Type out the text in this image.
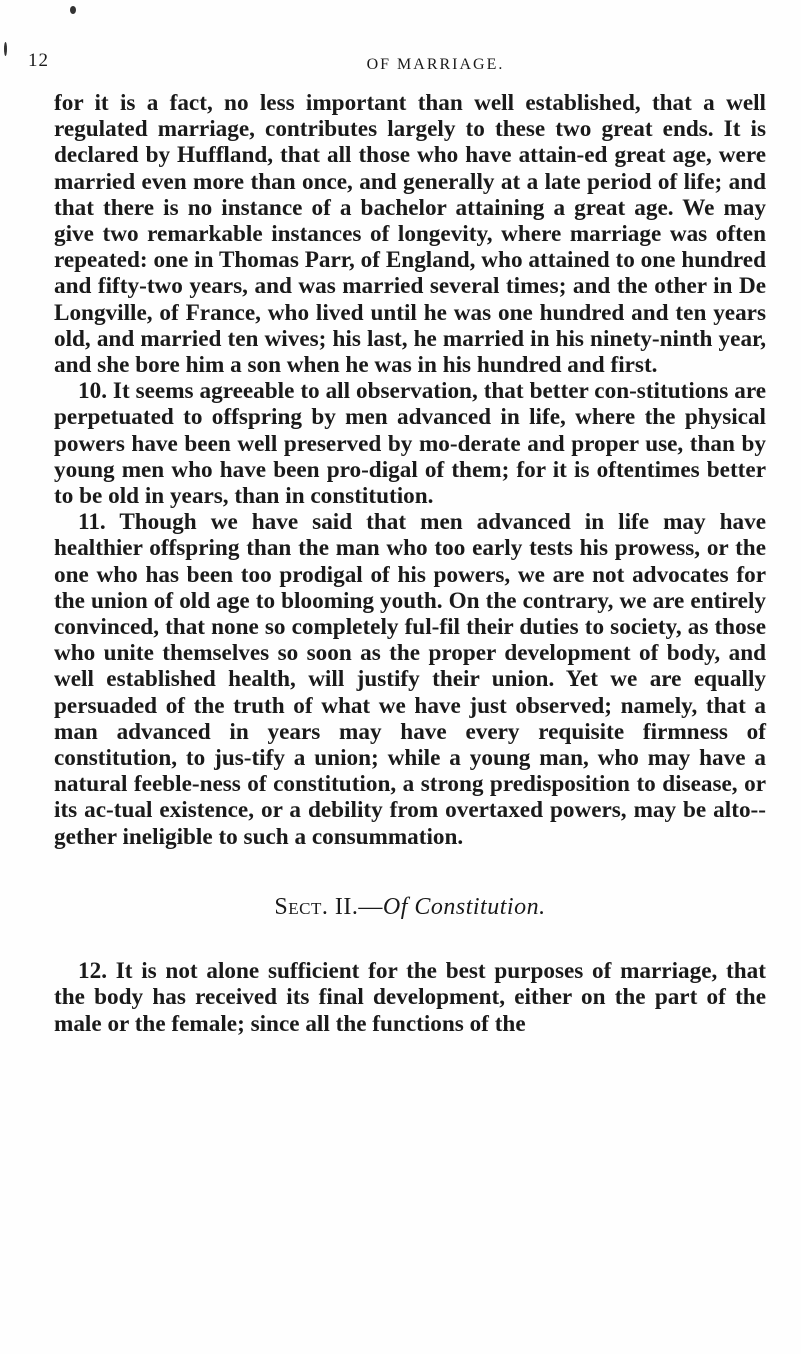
12	OF MARRIAGE.

for it is a fact, no less important than well established, that a well regulated marriage, contributes largely to these two great ends. It is declared by Huffland, that all those who have attain-ed great age, were married even more than once, and generally at a late period of life; and that there is no instance of a bachelor attaining a great age. We may give two remarkable instances of longevity, where marriage was often repeated: one in Thomas Parr, of England, who attained to one hundred and fifty-two years, and was married several times; and the other in De Longville, of France, who lived until he was one hundred and ten years old, and married ten wives; his last, he married in his ninety-ninth year, and she bore him a son when he was in his hundred and first.

10. It seems agreeable to all observation, that better con-stitutions are perpetuated to offspring by men advanced in life, where the physical powers have been well preserved by mo-derate and proper use, than by young men who have been pro-digal of them; for it is oftentimes better to be old in years, than in constitution.

11. Though we have said that men advanced in life may have healthier offspring than the man who too early tests his prowess, or the one who has been too prodigal of his powers, we are not advocates for the union of old age to blooming youth. On the contrary, we are entirely convinced, that none so completely ful-fil their duties to society, as those who unite themselves so soon as the proper development of body, and well established health, will justify their union. Yet we are equally persuaded of the truth of what we have just observed; namely, that a man advanced in years may have every requisite firmness of constitution, to jus-tify a union; while a young man, who may have a natural feeble-ness of constitution, a strong predisposition to disease, or its ac-tual existence, or a debility from overtaxed powers, may be alto-gether ineligible to such a consummation.

Sect. II.—Of Constitution.

12. It is not alone sufficient for the best purposes of marriage, that the body has received its final development, either on the part of the male or the female; since all the functions of the
